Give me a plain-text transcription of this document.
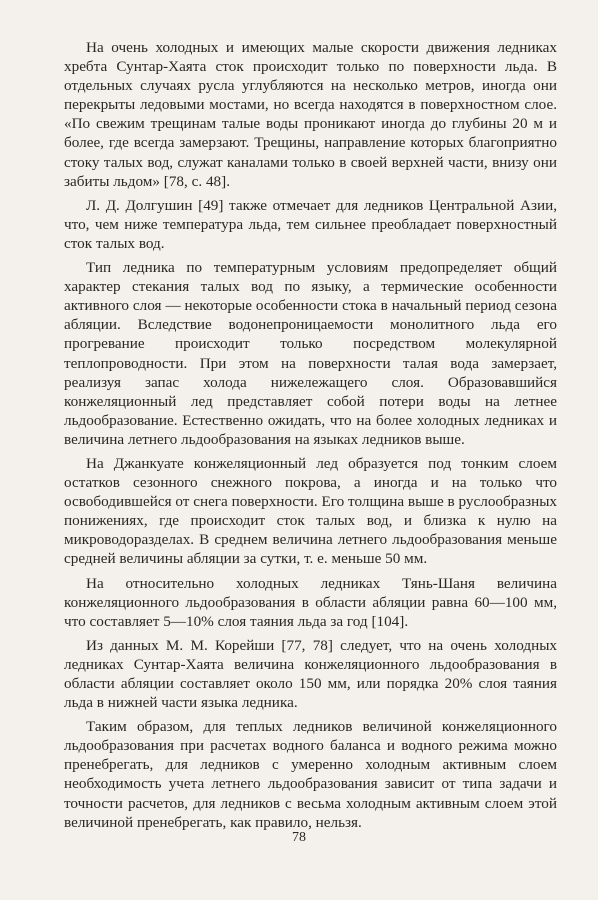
На очень холодных и имеющих малые скорости движения ледниках хребта Сунтар-Хаята сток происходит только по поверхности льда. В отдельных случаях русла углубляются на несколько метров, иногда они перекрыты ледовыми мостами, но всегда находятся в поверхностном слое. «По свежим трещинам талые воды проникают иногда до глубины 20 м и более, где всегда замерзают. Трещины, направление которых благоприятно стоку талых вод, служат каналами только в своей верхней части, внизу они забиты льдом» [78, с. 48].

Л. Д. Долгушин [49] также отмечает для ледников Центральной Азии, что, чем ниже температура льда, тем сильнее преобладает поверхностный сток талых вод.

Тип ледника по температурным условиям предопределяет общий характер стекания талых вод по языку, а термические особенности активного слоя — некоторые особенности стока в начальный период сезона абляции. Вследствие водонепроницаемости монолитного льда его прогревание происходит только посредством молекулярной теплопроводности. При этом на поверхности талая вода замерзает, реализуя запас холода нижележащего слоя. Образовавшийся конжеляционный лед представляет собой потери воды на летнее льдообразование. Естественно ожидать, что на более холодных ледниках и величина летнего льдообразования на языках ледников выше.

На Джанкуате конжеляционный лед образуется под тонким слоем остатков сезонного снежного покрова, а иногда и на только что освободившейся от снега поверхности. Его толщина выше в руслообразных понижениях, где происходит сток талых вод, и близка к нулю на микроводоразделах. В среднем величина летнего льдообразования меньше средней величины абляции за сутки, т. е. меньше 50 мм.

На относительно холодных ледниках Тянь-Шаня величина конжеляционного льдообразования в области абляции равна 60—100 мм, что составляет 5—10% слоя таяния льда за год [104].

Из данных М. М. Корейши [77, 78] следует, что на очень холодных ледниках Сунтар-Хаята величина конжеляционного льдообразования в области абляции составляет около 150 мм, или порядка 20% слоя таяния льда в нижней части языка ледника.

Таким образом, для теплых ледников величиной конжеляционного льдообразования при расчетах водного баланса и водного режима можно пренебрегать, для ледников с умеренно холодным активным слоем необходимость учета летнего льдообразования зависит от типа задачи и точности расчетов, для ледников с весьма холодным активным слоем этой величиной пренебрегать, как правило, нельзя.

78
